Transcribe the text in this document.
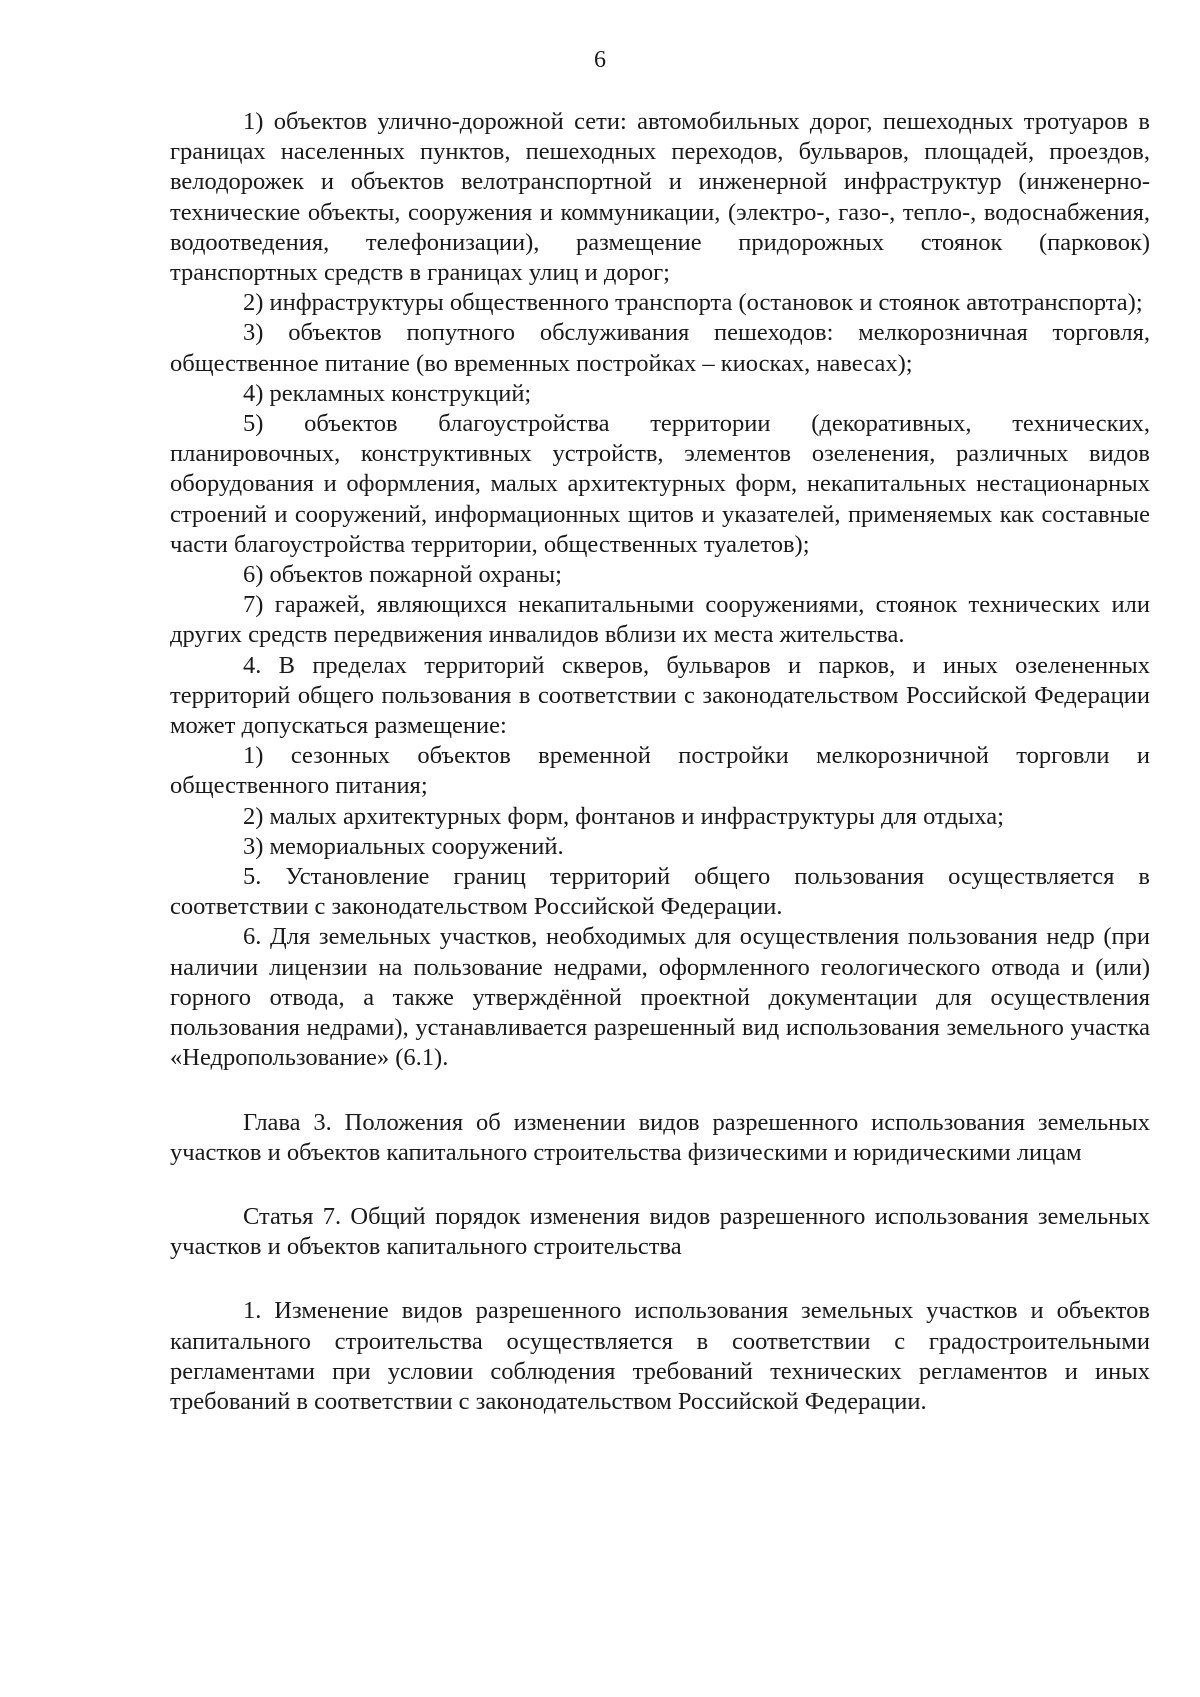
6

1) объектов улично-дорожной сети: автомобильных дорог, пешеходных тротуаров в границах населенных пунктов, пешеходных переходов, бульваров, площадей, проездов, велодорожек и объектов велотранспортной и инженерной инфраструктур (инженерно-технические объекты, сооружения и коммуникации, (электро-, газо-, тепло-, водоснабжения, водоотведения, телефонизации), размещение придорожных стоянок (парковок) транспортных средств в границах улиц и дорог;

2) инфраструктуры общественного транспорта (остановок и стоянок автотранспорта);

3) объектов попутного обслуживания пешеходов: мелкорозничная торговля, общественное питание (во временных постройках – киосках, навесах);

4) рекламных конструкций;

5) объектов благоустройства территории (декоративных, технических, планировочных, конструктивных устройств, элементов озеленения, различных видов оборудования и оформления, малых архитектурных форм, некапитальных нестационарных строений и сооружений, информационных щитов и указателей, применяемых как составные части благоустройства территории, общественных туалетов);

6) объектов пожарной охраны;

7) гаражей, являющихся некапитальными сооружениями, стоянок технических или других средств передвижения инвалидов вблизи их места жительства.

4. В пределах территорий скверов, бульваров и парков, и иных озелененных территорий общего пользования в соответствии с законодательством Российской Федерации может допускаться размещение:

1) сезонных объектов временной постройки мелкорозничной торговли и общественного питания;

2) малых архитектурных форм, фонтанов и инфраструктуры для отдыха;

3) мемориальных сооружений.

5. Установление границ территорий общего пользования осуществляется в соответствии с законодательством Российской Федерации.

6. Для земельных участков, необходимых для осуществления пользования недр (при наличии лицензии на пользование недрами, оформленного геологического отвода и (или) горного отвода, а также утверждённой проектной документации для осуществления пользования недрами), устанавливается разрешенный вид использования земельного участка «Недропользование» (6.1).

Глава 3. Положения об изменении видов разрешенного использования земельных участков и объектов капитального строительства физическими и юридическими лицам

Статья 7. Общий порядок изменения видов разрешенного использования земельных участков и объектов капитального строительства

1. Изменение видов разрешенного использования земельных участков и объектов капитального строительства осуществляется в соответствии с градостроительными регламентами при условии соблюдения требований технических регламентов и иных требований в соответствии с законодательством Российской Федерации.
